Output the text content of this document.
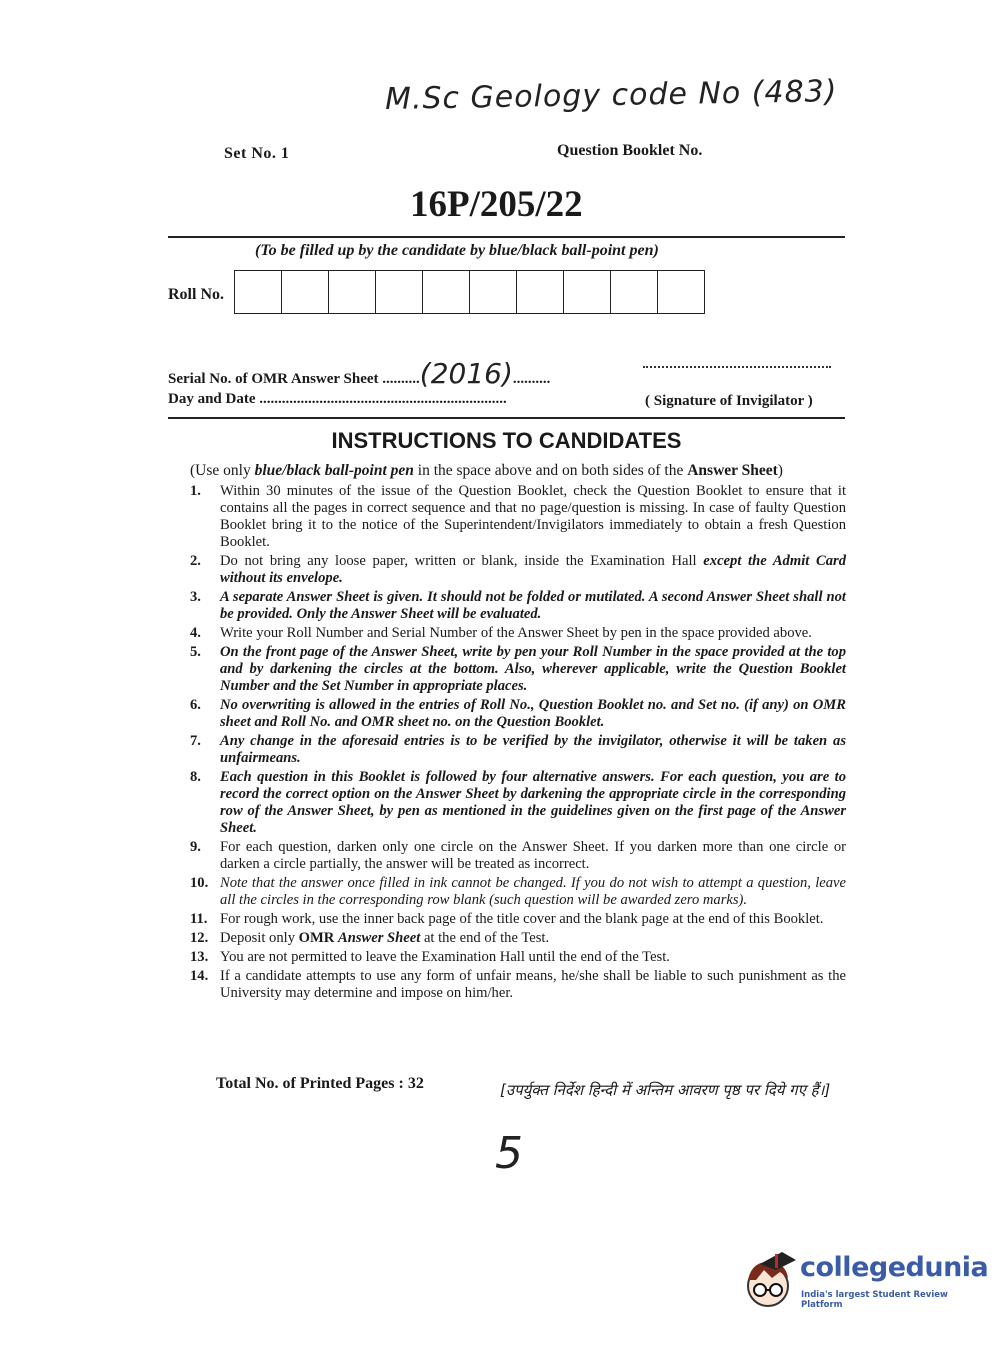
M.Sc Geology code No (483)
Set No. 1	Question Booklet No.
16P/205/22
(To be filled up by the candidate by blue/black ball-point pen)
Roll No.
Serial No. of OMR Answer Sheet ..........(2016)..........
Day and Date ..................................................................	( Signature of Invigilator )
INSTRUCTIONS TO CANDIDATES
(Use only blue/black ball-point pen in the space above and on both sides of the Answer Sheet)
1.	Within 30 minutes of the issue of the Question Booklet, check the Question Booklet to ensure that it contains all the pages in correct sequence and that no page/question is missing. In case of faulty Question Booklet bring it to the notice of the Superintendent/Invigilators immediately to obtain a fresh Question Booklet.
2.	Do not bring any loose paper, written or blank, inside the Examination Hall except the Admit Card without its envelope.
3.	A separate Answer Sheet is given. It should not be folded or mutilated. A second Answer Sheet shall not be provided. Only the Answer Sheet will be evaluated.
4.	Write your Roll Number and Serial Number of the Answer Sheet by pen in the space provided above.
5.	On the front page of the Answer Sheet, write by pen your Roll Number in the space provided at the top and by darkening the circles at the bottom. Also, wherever applicable, write the Question Booklet Number and the Set Number in appropriate places.
6.	No overwriting is allowed in the entries of Roll No., Question Booklet no. and Set no. (if any) on OMR sheet and Roll No. and OMR sheet no. on the Question Booklet.
7.	Any change in the aforesaid entries is to be verified by the invigilator, otherwise it will be taken as unfairmeans.
8.	Each question in this Booklet is followed by four alternative answers. For each question, you are to record the correct option on the Answer Sheet by darkening the appropriate circle in the corresponding row of the Answer Sheet, by pen as mentioned in the guidelines given on the first page of the Answer Sheet.
9.	For each question, darken only one circle on the Answer Sheet. If you darken more than one circle or darken a circle partially, the answer will be treated as incorrect.
10. Note that the answer once filled in ink cannot be changed. If you do not wish to attempt a question, leave all the circles in the corresponding row blank (such question will be awarded zero marks).
11. For rough work, use the inner back page of the title cover and the blank page at the end of this Booklet.
12. Deposit only OMR Answer Sheet at the end of the Test.
13. You are not permitted to leave the Examination Hall until the end of the Test.
14. If a candidate attempts to use any form of unfair means, he/she shall be liable to such punishment as the University may determine and impose on him/her.
Total No. of Printed Pages : 32	[उपर्युक्त निर्देश हिन्दी में अन्तिम आवरण पृष्ठ पर दिये गए हैं।]
5
collegedunia
India's largest Student Review Platform
